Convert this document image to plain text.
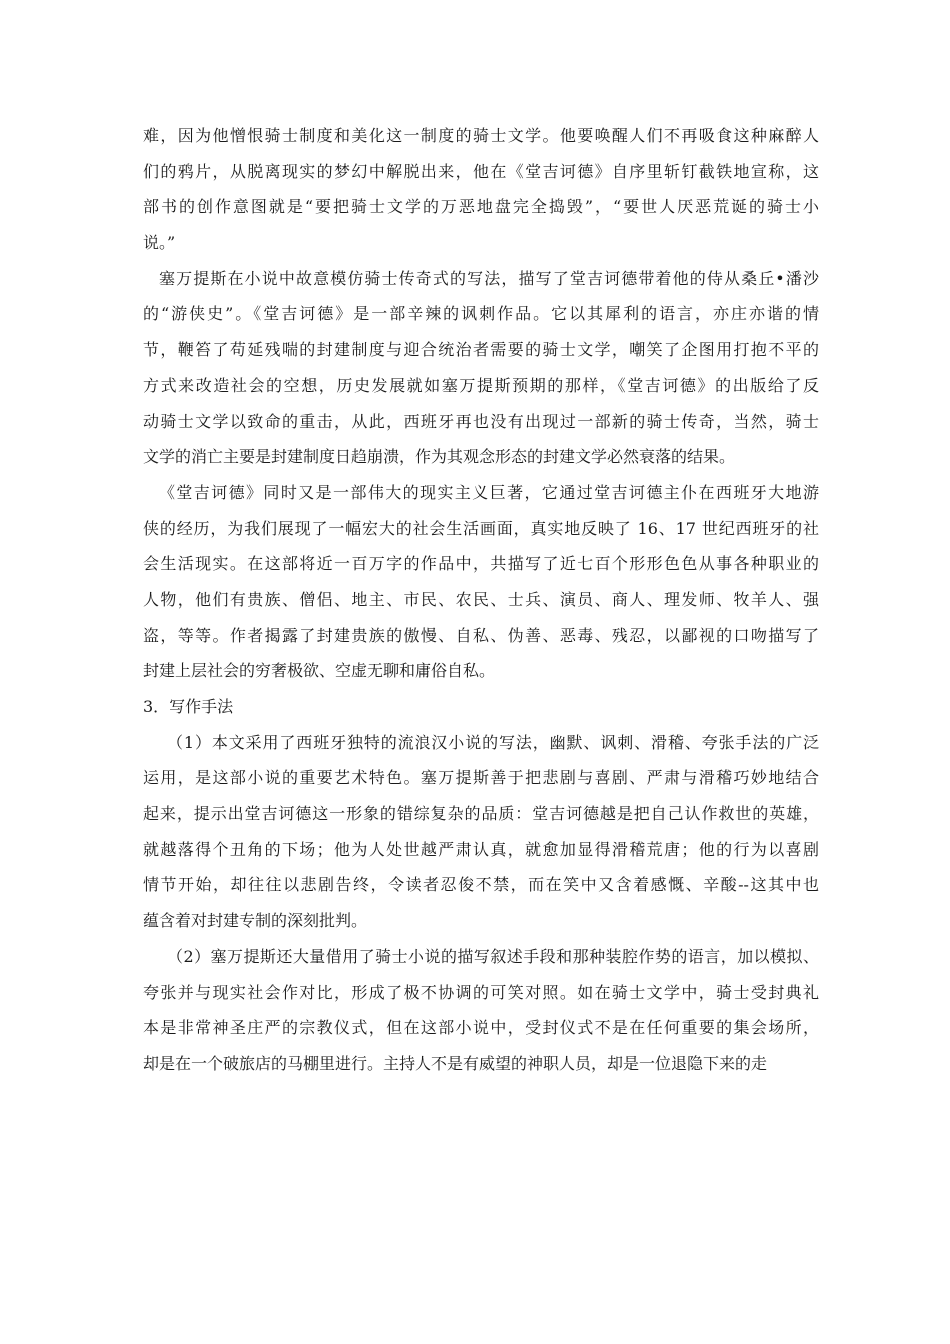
难，因为他憎恨骑士制度和美化这一制度的骑士文学。他要唤醒人们不再吸食这种麻醉人
们的鸦片，从脱离现实的梦幻中解脱出来，他在《堂吉诃德》自序里斩钉截铁地宣称，这
部书的创作意图就是“要把骑士文学的万恶地盘完全捣毁”，“要世人厌恶荒诞的骑士小
说。”
塞万提斯在小说中故意模仿骑士传奇式的写法，描写了堂吉诃德带着他的侍从桑丘•潘沙
的“游侠史”。《堂吉诃德》是一部辛辣的讽刺作品。它以其犀利的语言，亦庄亦谐的情
节，鞭笞了苟延残喘的封建制度与迎合统治者需要的骑士文学，嘲笑了企图用打抱不平的
方式来改造社会的空想，历史发展就如塞万提斯预期的那样，《堂吉诃德》的出版给了反
动骑士文学以致命的重击，从此，西班牙再也没有出现过一部新的骑士传奇，当然，骑士
文学的消亡主要是封建制度日趋崩溃，作为其观念形态的封建文学必然衰落的结果。
《堂吉诃德》同时又是一部伟大的现实主义巨著，它通过堂吉诃德主仆在西班牙大地游
侠的经历，为我们展现了一幅宏大的社会生活画面，真实地反映了 16、17 世纪西班牙的社
会生活现实。在这部将近一百万字的作品中，共描写了近七百个形形色色从事各种职业的
人物，他们有贵族、僧侣、地主、市民、农民、士兵、演员、商人、理发师、牧羊人、强
盗，等等。作者揭露了封建贵族的傲慢、自私、伪善、恶毒、残忍，以鄙视的口吻描写了
封建上层社会的穷奢极欲、空虚无聊和庸俗自私。
3．写作手法
（1）本文采用了西班牙独特的流浪汉小说的写法，幽默、讽刺、滑稽、夸张手法的广泛
运用，是这部小说的重要艺术特色。塞万提斯善于把悲剧与喜剧、严肃与滑稽巧妙地结合
起来，提示出堂吉诃德这一形象的错综复杂的品质：堂吉诃德越是把自己认作救世的英雄，
就越落得个丑角的下场；他为人处世越严肃认真，就愈加显得滑稽荒唐；他的行为以喜剧
情节开始，却往往以悲剧告终，令读者忍俊不禁，而在笑中又含着感慨、辛酸--这其中也
蕴含着对封建专制的深刻批判。
（2）塞万提斯还大量借用了骑士小说的描写叙述手段和那种装腔作势的语言，加以模拟、
夸张并与现实社会作对比，形成了极不协调的可笑对照。如在骑士文学中，骑士受封典礼
本是非常神圣庄严的宗教仪式，但在这部小说中，受封仪式不是在任何重要的集会场所，
却是在一个破旅店的马棚里进行。主持人不是有威望的神职人员，却是一位退隐下来的走
